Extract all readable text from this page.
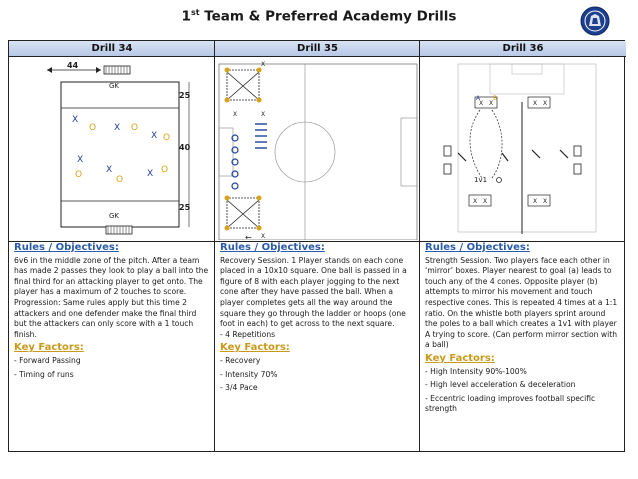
1st Team & Preferred Academy Drills
Drill 34	Drill 35	Drill 36
44
GK
GK
25
40
25
X
X
X
X
X	X
O	O
O
O	O
O
X	X
X
X
←
X X	X X
X X	X X
A B
1v1
Rules / Objectives:

6v6 in the middle zone of the pitch. After a team has made 2 passes they look to play a ball into the final third for an attacking player to get onto. The player has a maximum of 2 touches to score.
Progression: Same rules apply but this time 2 attackers and one defender make the final third but the attackers can only score with a 1 touch finish.

Key Factors:
- Forward Passing
- Timing of runs
Rules / Objectives:

Recovery Session. 1 Player stands on each cone placed in a 10x10 square. One ball is passed in a figure of 8 with each player jogging to the next cone after they have passed the ball. When a player completes gets all the way around the square they go through the ladder or hoops (one foot in each) to get across to the next square.
- 4 Repetitions

Key Factors:
- Recovery
- Intensity 70%
- 3/4 Pace
Rules / Objectives:

Strength Session. Two players face each other in ‘mirror’ boxes. Player nearest to goal (a) leads to touch any of the 4 cones. Opposite player (b) attempts to mirror his movement and touch respective cones. This is repeated 4 times at a 1:1 ratio. On the whistle both players sprint around the poles to a ball which creates a 1v1 with player A trying to score. (Can perform mirror section with a ball)

Key Factors:
- High Intensity 90%-100%
- High level acceleration & deceleration
- Eccentric loading improves football specific strength
